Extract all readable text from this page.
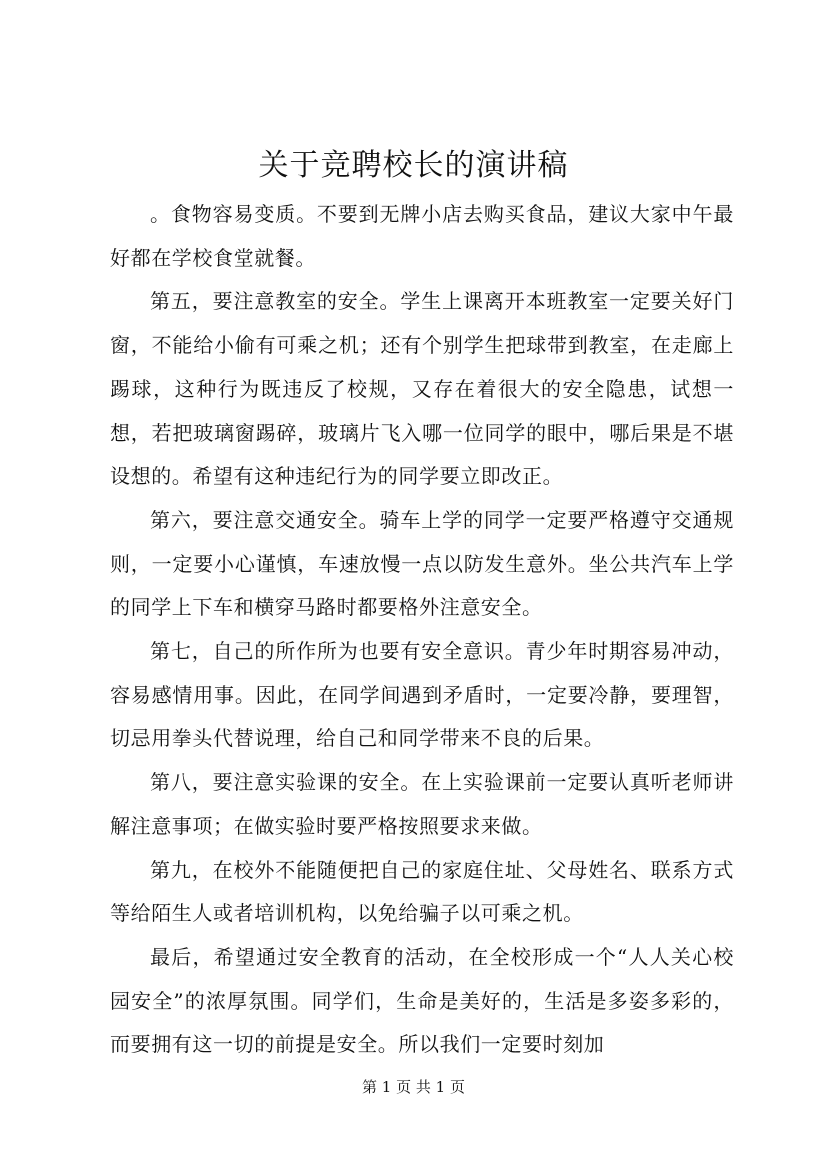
关于竞聘校长的演讲稿

。食物容易变质。不要到无牌小店去购买食品，建议大家中午最好都在学校食堂就餐。

第五，要注意教室的安全。学生上课离开本班教室一定要关好门窗，不能给小偷有可乘之机；还有个别学生把球带到教室，在走廊上踢球，这种行为既违反了校规，又存在着很大的安全隐患，试想一想，若把玻璃窗踢碎，玻璃片飞入哪一位同学的眼中，哪后果是不堪设想的。希望有这种违纪行为的同学要立即改正。

第六，要注意交通安全。骑车上学的同学一定要严格遵守交通规则，一定要小心谨慎，车速放慢一点以防发生意外。坐公共汽车上学的同学上下车和横穿马路时都要格外注意安全。

第七，自己的所作所为也要有安全意识。青少年时期容易冲动，容易感情用事。因此，在同学间遇到矛盾时，一定要冷静，要理智，切忌用拳头代替说理，给自己和同学带来不良的后果。

第八，要注意实验课的安全。在上实验课前一定要认真听老师讲解注意事项；在做实验时要严格按照要求来做。

第九，在校外不能随便把自己的家庭住址、父母姓名、联系方式等给陌生人或者培训机构，以免给骗子以可乘之机。

最后，希望通过安全教育的活动，在全校形成一个“人人关心校园安全”的浓厚氛围。同学们，生命是美好的，生活是多姿多彩的，而要拥有这一切的前提是安全。所以我们一定要时刻加

第 1 页 共 1 页
